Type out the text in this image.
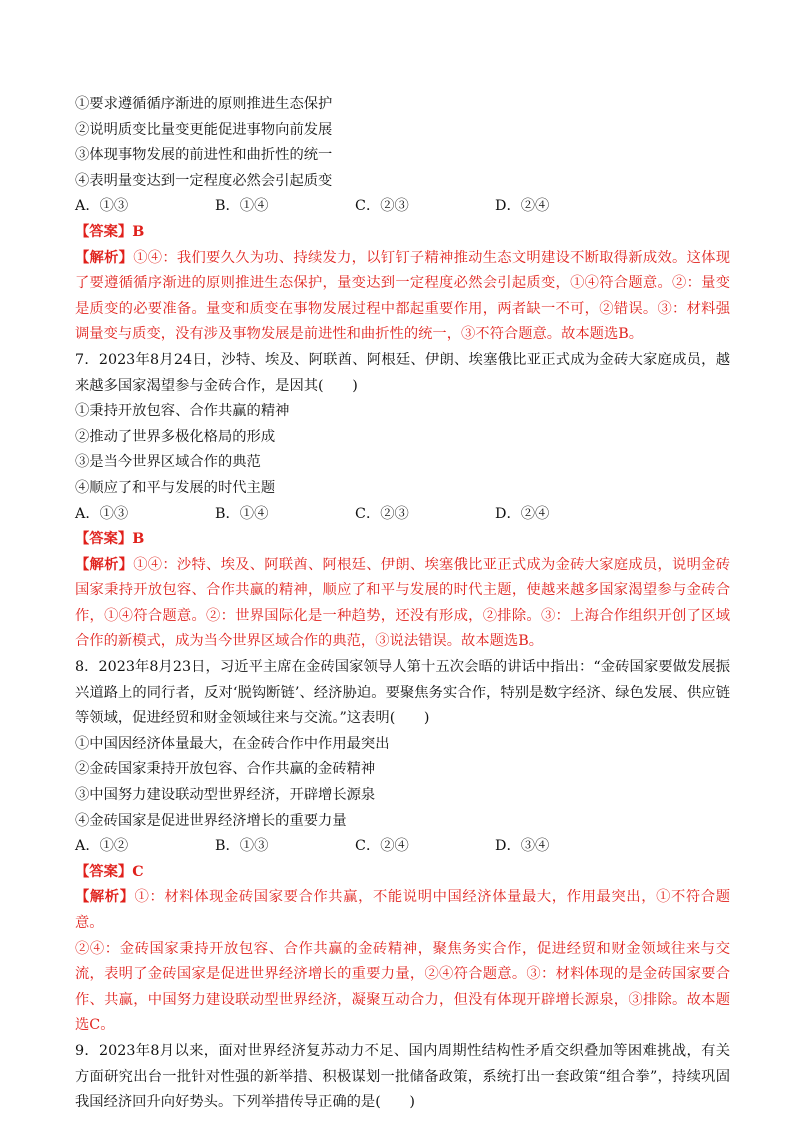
①要求遵循循序渐进的原则推进生态保护
②说明质变比量变更能促进事物向前发展
③体现事物发展的前进性和曲折性的统一
④表明量变达到一定程度必然会引起质变
A．①③	B．①④	C．②③	D．②④
【答案】B
【解析】①④：我们要久久为功、持续发力，以钉钉子精神推动生态文明建设不断取得新成效。这体现了要遵循循序渐进的原则推进生态保护，量变达到一定程度必然会引起质变，①④符合题意。②：量变是质变的必要准备。量变和质变在事物发展过程中都起重要作用，两者缺一不可，②错误。③：材料强调量变与质变，没有涉及事物发展是前进性和曲折性的统一，③不符合题意。故本题选B。
7．2023年8月24日，沙特、埃及、阿联酋、阿根廷、伊朗、埃塞俄比亚正式成为金砖大家庭成员，越来越多国家渴望参与金砖合作，是因其(　　)
①秉持开放包容、合作共赢的精神
②推动了世界多极化格局的形成
③是当今世界区域合作的典范
④顺应了和平与发展的时代主题
A．①③	B．①④	C．②③	D．②④
【答案】B
【解析】①④：沙特、埃及、阿联酋、阿根廷、伊朗、埃塞俄比亚正式成为金砖大家庭成员，说明金砖国家秉持开放包容、合作共赢的精神，顺应了和平与发展的时代主题，使越来越多国家渴望参与金砖合作，①④符合题意。②：世界国际化是一种趋势，还没有形成，②排除。③：上海合作组织开创了区域合作的新模式，成为当今世界区域合作的典范，③说法错误。故本题选B。
8．2023年8月23日，习近平主席在金砖国家领导人第十五次会晤的讲话中指出：“金砖国家要做发展振兴道路上的同行者，反对‘脱钩断链’、经济胁迫。要聚焦务实合作，特别是数字经济、绿色发展、供应链等领域，促进经贸和财金领域往来与交流。”这表明(　　)
①中国因经济体量最大，在金砖合作中作用最突出
②金砖国家秉持开放包容、合作共赢的金砖精神
③中国努力建设联动型世界经济，开辟增长源泉
④金砖国家是促进世界经济增长的重要力量
A．①②	B．①③	C．②④	D．③④
【答案】C
【解析】①：材料体现金砖国家要合作共赢，不能说明中国经济体量最大，作用最突出，①不符合题意。
②④：金砖国家秉持开放包容、合作共赢的金砖精神，聚焦务实合作，促进经贸和财金领域往来与交流，表明了金砖国家是促进世界经济增长的重要力量，②④符合题意。③：材料体现的是金砖国家要合作、共赢，中国努力建设联动型世界经济，凝聚互动合力，但没有体现开辟增长源泉，③排除。故本题选C。
9．2023年8月以来，面对世界经济复苏动力不足、国内周期性结构性矛盾交织叠加等困难挑战，有关方面研究出台一批针对性强的新举措、积极谋划一批储备政策，系统打出一套政策“组合拳”，持续巩固我国经济回升向好势头。下列举措传导正确的是(　　)
